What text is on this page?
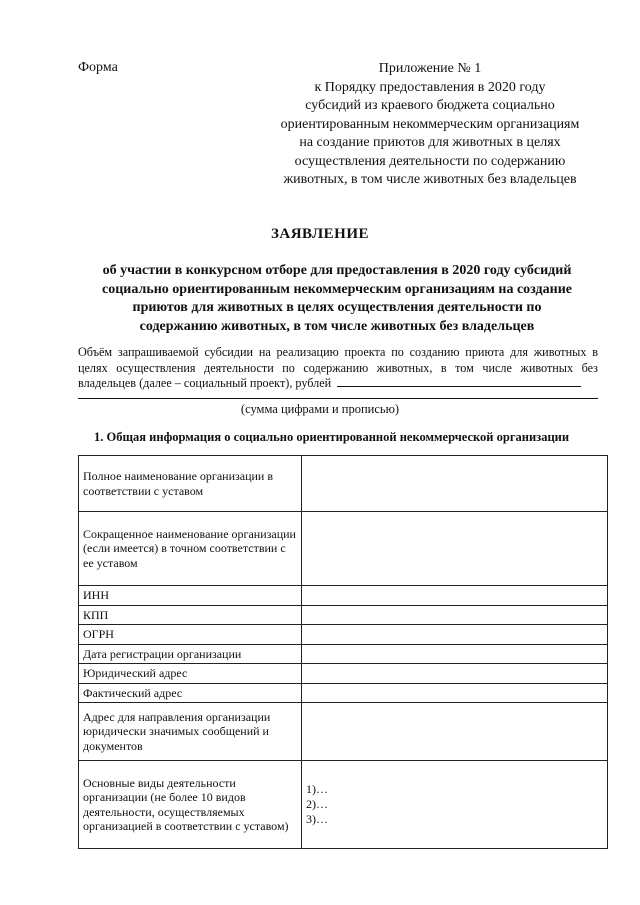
Форма	Приложение № 1
к Порядку предоставления в 2020 году
субсидий из краевого бюджета социально
ориентированным некоммерческим организациям
на создание приютов для животных в целях
осуществления деятельности по содержанию
животных, в том числе животных без владельцев
ЗАЯВЛЕНИЕ
об участии в конкурсном отборе для предоставления в 2020 году субсидий
социально ориентированным некоммерческим организациям на создание
приютов для животных в целях осуществления деятельности по
содержанию животных, в том числе животных без владельцев
Объём запрашиваемой субсидии на реализацию проекта по созданию приюта для животных в
целях осуществления деятельности по содержанию животных, в том числе животных без
владельцев (далее – социальный проект), рублей
(сумма цифрами и прописью)
1. Общая информация о социально ориентированной некоммерческой организации
Полное наименование организации в соответствии с уставом	
Сокращенное наименование организации (если имеется) в точном соответствии с ее уставом	
ИНН	
КПП	
ОГРН	
Дата регистрации организации	
Юридический адрес	
Фактический адрес	
Адрес для направления организации юридически значимых сообщений и документов	
Основные виды деятельности организации (не более 10 видов деятельности, осуществляемых организацией в соответствии с уставом)	1)…
2)…
3)…
